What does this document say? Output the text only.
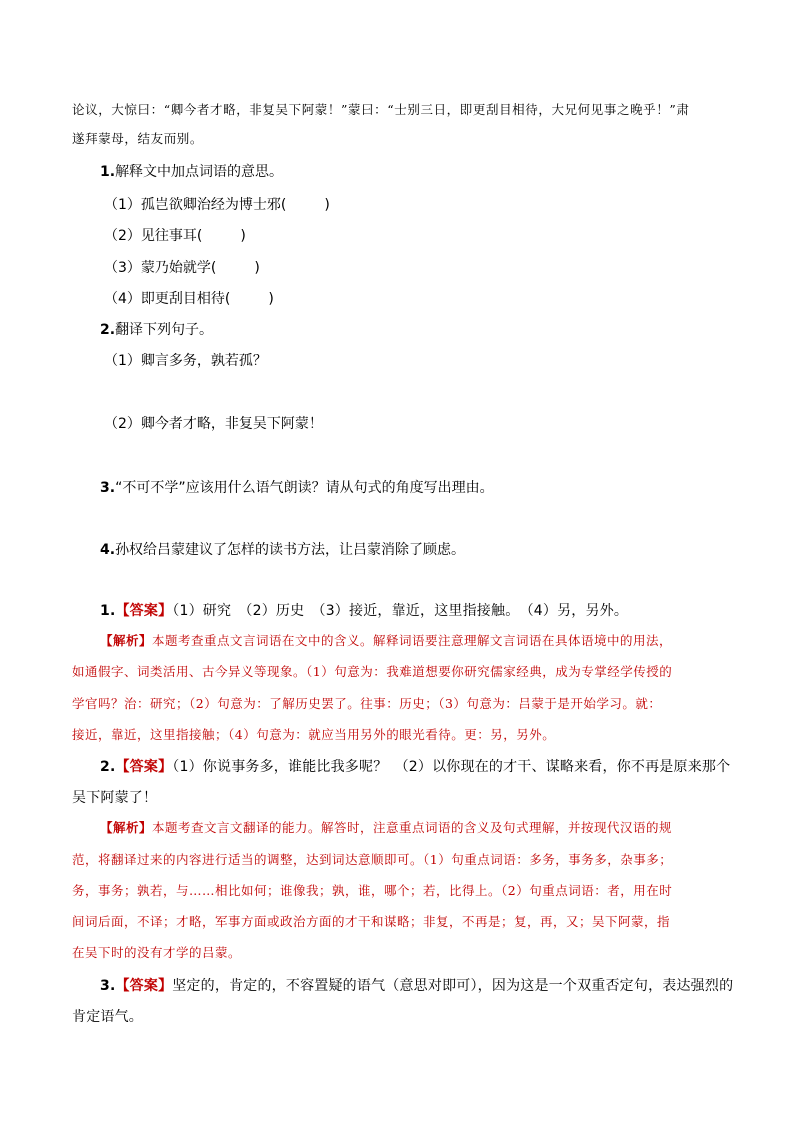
论议，大惊曰：“卿今者才略，非复吴下阿蒙！”蒙曰：“士别三日，即更刮目相待，大兄何见事之晚乎！”肃
遂拜蒙母，结友而别。
1.解释文中加点词语的意思。
（1）孤岂欲卿治经为博士邪(	)
（2）见往事耳(	)
（3）蒙乃始就学(	)
（4）即更刮目相待(	)
2.翻译下列句子。
（1）卿言多务，孰若孤？
（2）卿今者才略，非复吴下阿蒙！
3.“不可不学”应该用什么语气朗读？请从句式的角度写出理由。
4.孙权给吕蒙建议了怎样的读书方法，让吕蒙消除了顾虑。
1.【答案】（1）研究　（2）历史　（3）接近，靠近，这里指接触。　（4）另，另外。
【解析】本题考查重点文言词语在文中的含义。解释词语要注意理解文言词语在具体语境中的用法，
如通假字、词类活用、古今异义等现象。（1）句意为：我难道想要你研究儒家经典，成为专掌经学传授的
学官吗？治：研究；（2）句意为：了解历史罢了。往事：历史；（3）句意为：吕蒙于是开始学习。就：
接近，靠近，这里指接触；（4）句意为：就应当用另外的眼光看待。更：另，另外。
2.【答案】（1）你说事务多，谁能比我多呢？　（2）以你现在的才干、谋略来看，你不再是原来那个
吴下阿蒙了！
【解析】本题考查文言文翻译的能力。解答时，注意重点词语的含义及句式理解，并按现代汉语的规
范，将翻译过来的内容进行适当的调整，达到词达意顺即可。（1）句重点词语：多务，事务多，杂事多；
务，事务；孰若，与……相比如何；谁像我；孰，谁，哪个；若，比得上。（2）句重点词语：者，用在时
间词后面，不译；才略，军事方面或政治方面的才干和谋略；非复，不再是；复，再，又；吴下阿蒙，指
在吴下时的没有才学的吕蒙。
3.【答案】坚定的，肯定的，不容置疑的语气（意思对即可），因为这是一个双重否定句，表达强烈的
肯定语气。
